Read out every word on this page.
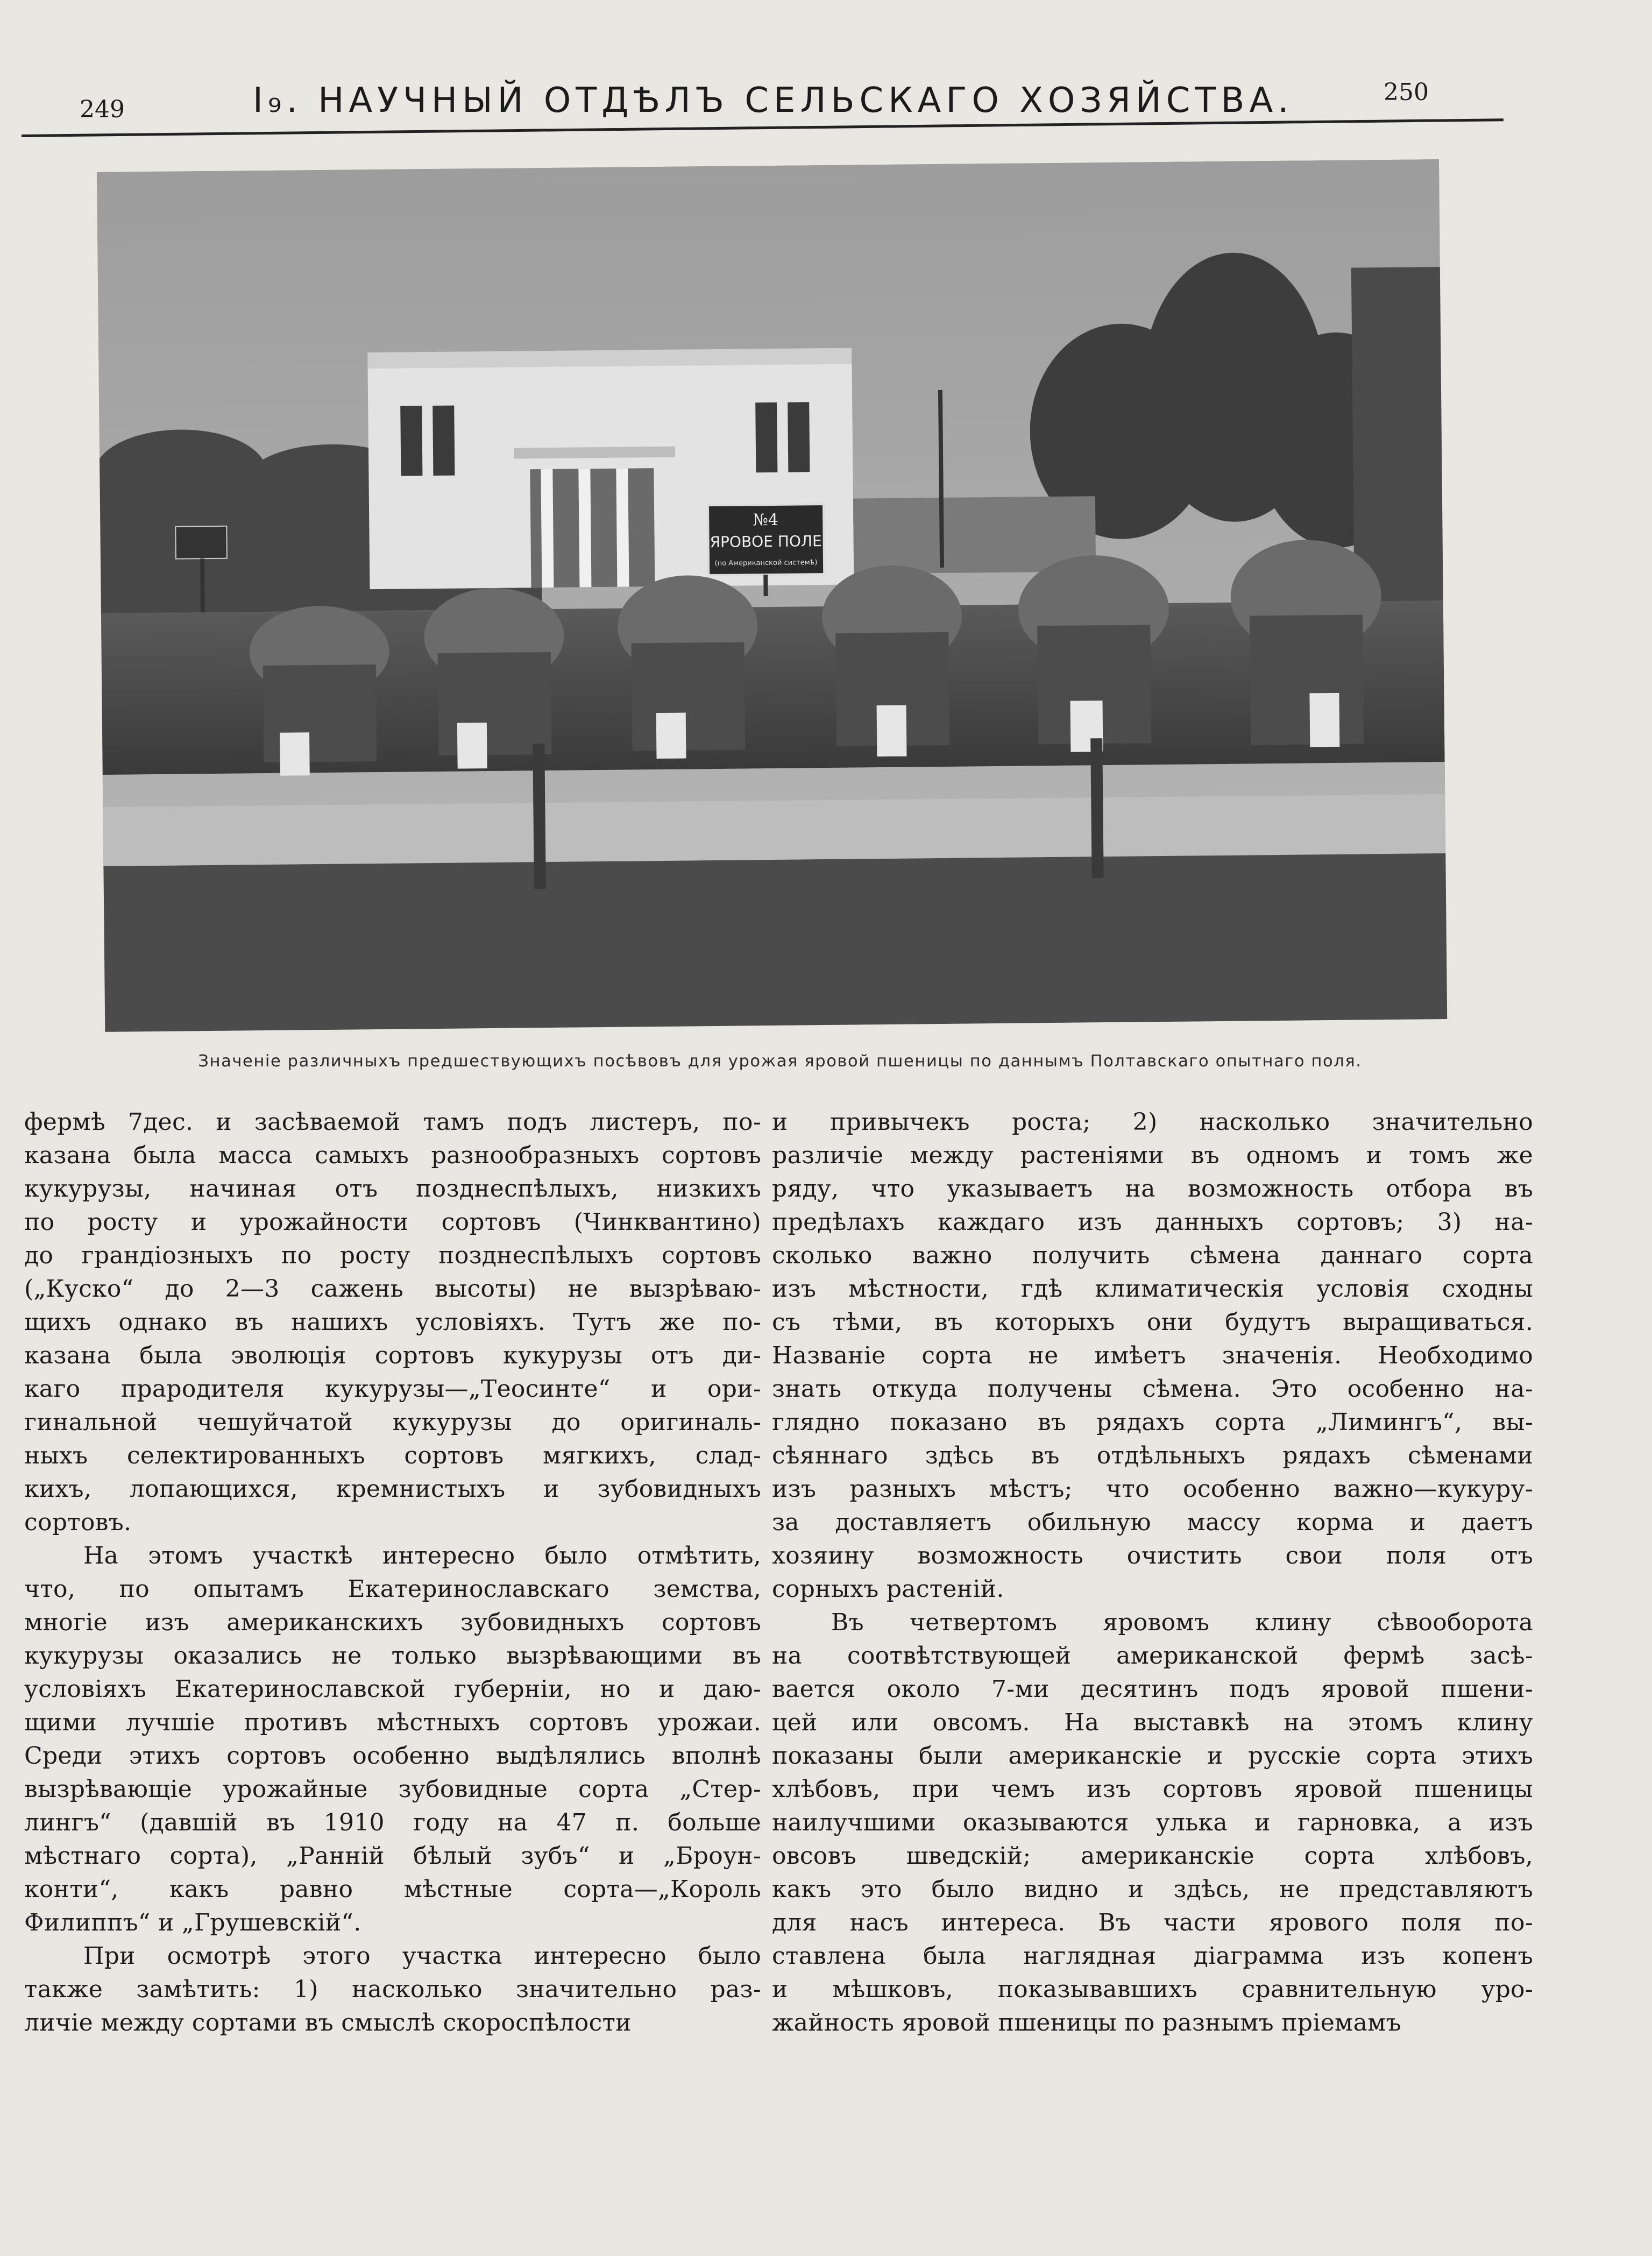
249	I₉. НАУЧНЫЙ ОТДѢЛЪ СЕЛЬСКАГО ХОЗЯЙСТВА.	250
№4
ЯРОВОЕ ПОЛЕ
(по Американской системѣ)
Значеніе различныхъ предшествующихъ посѣвовъ для урожая яровой пшеницы по даннымъ Полтавскаго опытнаго поля.
фермѣ 7дес. и засѣваемой тамъ подъ листеръ, по-
казана была масса самыхъ разнообразныхъ сортовъ
кукурузы, начиная отъ позднеспѣлыхъ, низкихъ
по росту и урожайности сортовъ (Чинквантино)
до грандіозныхъ по росту позднеспѣлыхъ сортовъ
(„Куско“ до 2—3 сажень высоты) не вызрѣваю-
щихъ однако въ нашихъ условіяхъ. Тутъ же по-
казана была эволюція сортовъ кукурузы отъ ди-
каго прародителя кукурузы—„Теосинте“ и ори-
гинальной чешуйчатой кукурузы до оригиналь-
ныхъ селектированныхъ сортовъ мягкихъ, слад-
кихъ, лопающихся, кремнистыхъ и зубовидныхъ
сортовъ.
На этомъ участкѣ интересно было отмѣтить,
что, по опытамъ Екатеринославскаго земства,
многіе изъ американскихъ зубовидныхъ сортовъ
кукурузы оказались не только вызрѣвающими въ
условіяхъ Екатеринославской губерніи, но и даю-
щими лучшіе противъ мѣстныхъ сортовъ урожаи.
Среди этихъ сортовъ особенно выдѣлялись вполнѣ
вызрѣвающіе урожайные зубовидные сорта „Стер-
лингъ“ (давшій въ 1910 году на 47 п. больше
мѣстнаго сорта), „Ранній бѣлый зубъ“ и „Броун-
конти“, какъ равно мѣстные сорта—„Король
Филиппъ“ и „Грушевскій“.
При осмотрѣ этого участка интересно было
также замѣтить: 1) насколько значительно раз-
личіе между сортами въ смыслѣ скороспѣлости
и привычекъ роста; 2) насколько значительно
различіе между растеніями въ одномъ и томъ же
ряду, что указываетъ на возможность отбора въ
предѣлахъ каждаго изъ данныхъ сортовъ; 3) на-
сколько важно получить сѣмена даннаго сорта
изъ мѣстности, гдѣ климатическія условія сходны
съ тѣми, въ которыхъ они будутъ выращиваться.
Названіе сорта не имѣетъ значенія. Необходимо
знать откуда получены сѣмена. Это особенно на-
глядно показано въ рядахъ сорта „Лимингъ“, вы-
сѣяннаго здѣсь въ отдѣльныхъ рядахъ сѣменами
изъ разныхъ мѣстъ; что особенно важно—кукуру-
за доставляетъ обильную массу корма и даетъ
хозяину возможность очистить свои поля отъ
сорныхъ растеній.
Въ четвертомъ яровомъ клину сѣвооборота
на соотвѣтствующей американской фермѣ засѣ-
вается около 7-ми десятинъ подъ яровой пшени-
цей или овсомъ. На выставкѣ на этомъ клину
показаны были американскіе и русскіе сорта этихъ
хлѣбовъ, при чемъ изъ сортовъ яровой пшеницы
наилучшими оказываются улька и гарновка, а изъ
овсовъ шведскій; американскіе сорта хлѣбовъ,
какъ это было видно и здѣсь, не представляютъ
для насъ интереса. Въ части ярового поля по-
ставлена была наглядная діаграмма изъ копенъ
и мѣшковъ, показывавшихъ сравнительную уро-
жайность яровой пшеницы по разнымъ пріемамъ
